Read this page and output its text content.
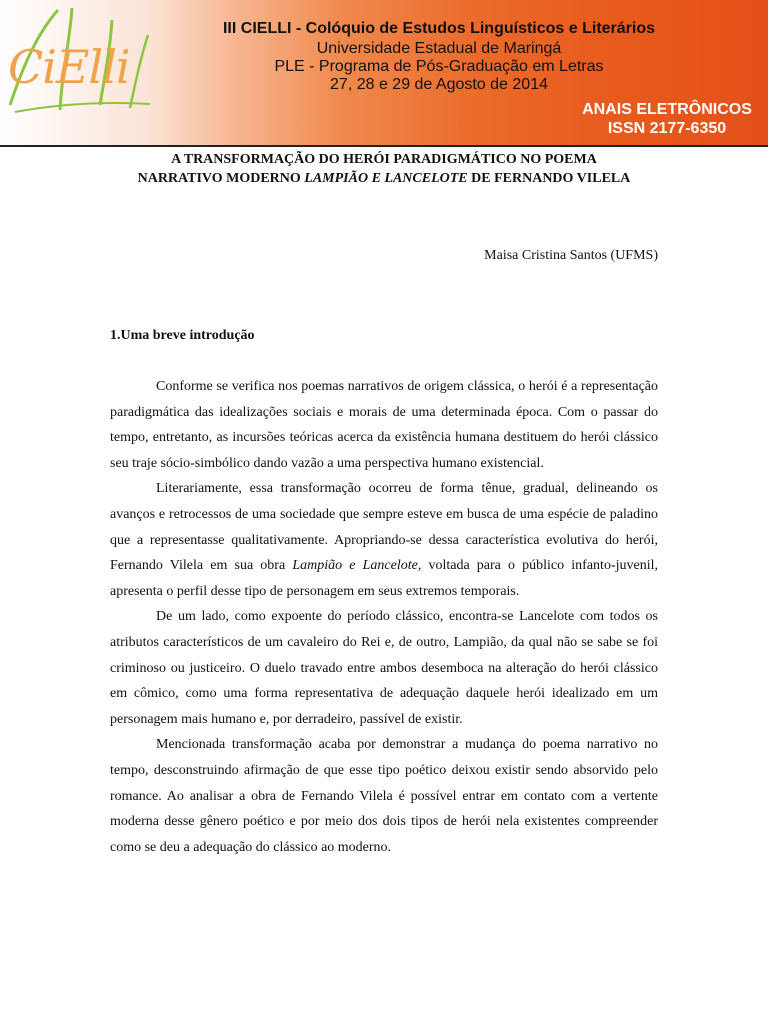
CiElli
III CIELLI - Colóquio de Estudos Linguísticos e Literários
Universidade Estadual de Maringá
PLE - Programa de Pós-Graduação em Letras
27, 28 e 29 de Agosto de 2014
ANAIS ELETRÔNICOS
ISSN 2177-6350
A TRANSFORMAÇÃO DO HERÓI PARADIGMÁTICO NO POEMA
NARRATIVO MODERNO LAMPIÃO E LANCELOTE DE FERNANDO VILELA
Maisa Cristina Santos (UFMS)
1.Uma breve introdução

Conforme se verifica nos poemas narrativos de origem clássica, o herói é a representação paradigmática das idealizações sociais e morais de uma determinada época. Com o passar do tempo, entretanto, as incursões teóricas acerca da existência humana destituem do herói clássico seu traje sócio-simbólico dando vazão a uma perspectiva humano existencial.

Literariamente, essa transformação ocorreu de forma tênue, gradual, delineando os avanços e retrocessos de uma sociedade que sempre esteve em busca de uma espécie de paladino que a representasse qualitativamente. Apropriando-se dessa característica evolutiva do herói, Fernando Vilela em sua obra Lampião e Lancelote, voltada para o público infanto-juvenil, apresenta o perfil desse tipo de personagem em seus extremos temporais.

De um lado, como expoente do período clássico, encontra-se Lancelote com todos os atributos característicos de um cavaleiro do Rei e, de outro, Lampião, da qual não se sabe se foi criminoso ou justiceiro. O duelo travado entre ambos desemboca na alteração do herói clássico em cômico, como uma forma representativa de adequação daquele herói idealizado em um personagem mais humano e, por derradeiro, passível de existir.

Mencionada transformação acaba por demonstrar a mudança do poema narrativo no tempo, desconstruindo afirmação de que esse tipo poético deixou existir sendo absorvido pelo romance. Ao analisar a obra de Fernando Vilela é possível entrar em contato com a vertente moderna desse gênero poético e por meio dos dois tipos de herói nela existentes compreender como se deu a adequação do clássico ao moderno.
